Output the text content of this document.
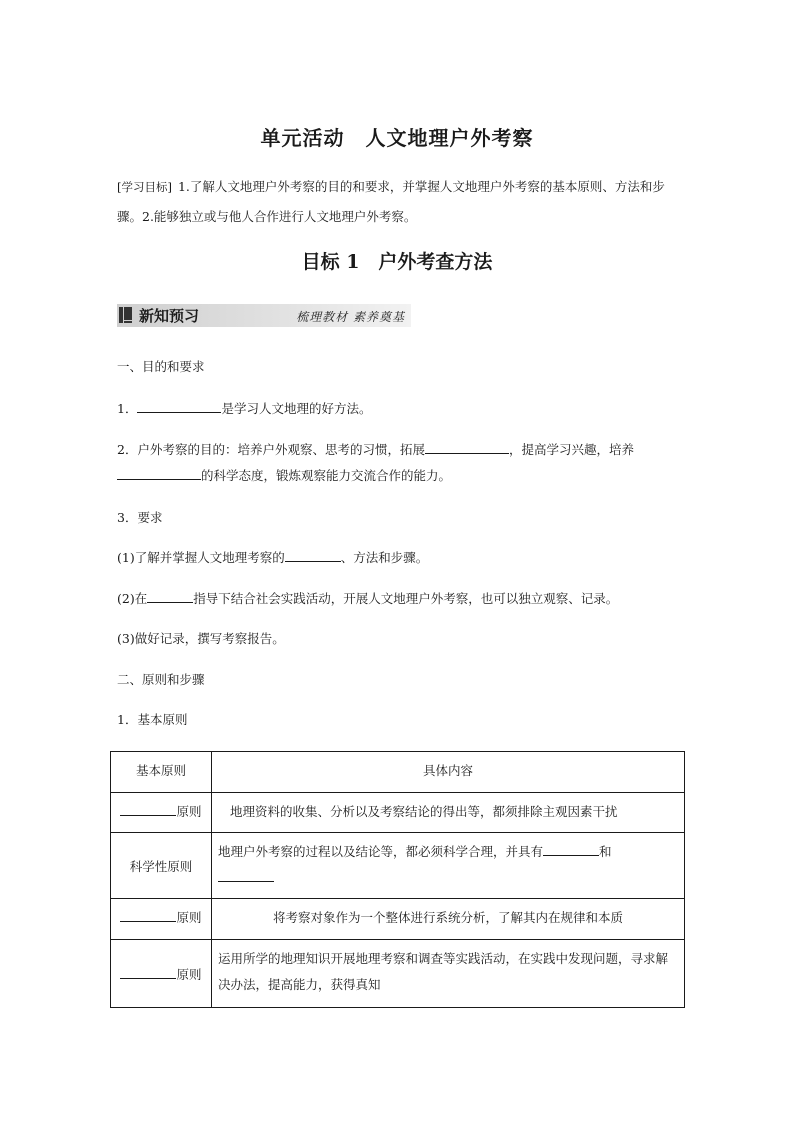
单元活动　人文地理户外考察
[学习目标] 1.了解人文地理户外考察的目的和要求，并掌握人文地理户外考察的基本原则、方法和步骤。2.能够独立或与他人合作进行人文地理户外考察。
目标 1　户外考查方法
新知预习	梳理教材 素养奠基
一、目的和要求
1．	是学习人文地理的好方法。
2．户外考察的目的：培养户外观察、思考的习惯，拓展	，提高学习兴趣，培养
的科学态度，锻炼观察能力交流合作的能力。
3．要求
(1)了解并掌握人文地理考察的	、方法和步骤。
(2)在	指导下结合社会实践活动，开展人文地理户外考察，也可以独立观察、记录。
(3)做好记录，撰写考察报告。
二、原则和步骤
1．基本原则
基本原则	具体内容

原则	地理资料的收集、分析以及考察结论的得出等，都须排除主观因素干扰

科学性原则	地理户外考察的过程以及结论等，都必须科学合理，并具有 和

原则	将考察对象作为一个整体进行系统分析，了解其内在规律和本质

原则	运用所学的地理知识开展地理考察和调查等实践活动，在实践中发现问题，寻求解决办法，提高能力，获得真知
